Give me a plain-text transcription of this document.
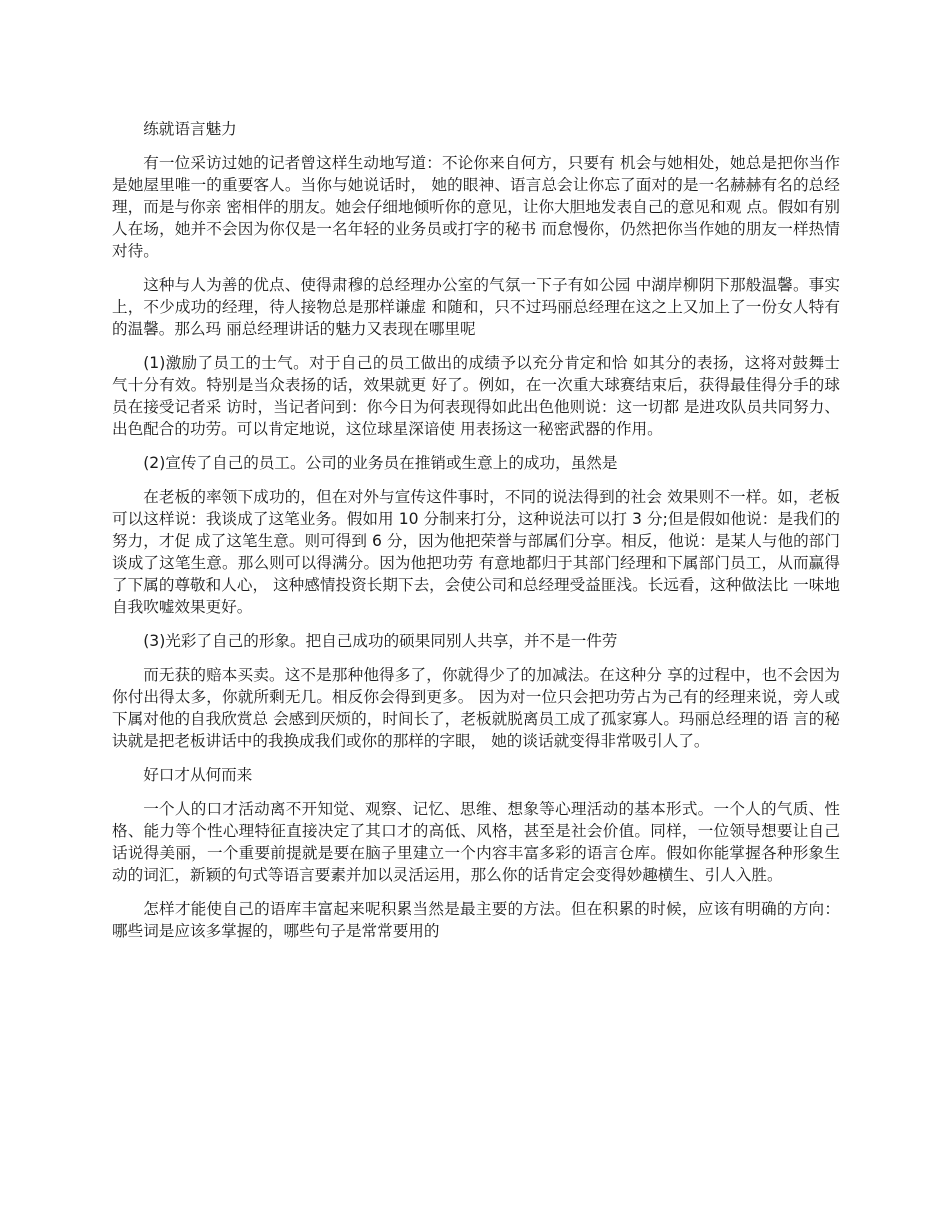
练就语言魅力

有一位采访过她的记者曾这样生动地写道：不论你来自何方，只要有 机会与她相处，她总是把你当作是她屋里唯一的重要客人。当你与她说话时， 她的眼神、语言总会让你忘了面对的是一名赫赫有名的总经理，而是与你亲 密相伴的朋友。她会仔细地倾听你的意见，让你大胆地发表自己的意见和观 点。假如有别人在场，她并不会因为你仅是一名年轻的业务员或打字的秘书 而怠慢你，仍然把你当作她的朋友一样热情对待。

这种与人为善的优点、使得肃穆的总经理办公室的气氛一下子有如公园 中湖岸柳阴下那般温馨。事实上，不少成功的经理，待人接物总是那样谦虚 和随和，只不过玛丽总经理在这之上又加上了一份女人特有的温馨。那么玛 丽总经理讲话的魅力又表现在哪里呢

(1)激励了员工的士气。对于自己的员工做出的成绩予以充分肯定和恰 如其分的表扬，这将对鼓舞士气十分有效。特别是当众表扬的话，效果就更 好了。例如，在一次重大球赛结束后，获得最佳得分手的球员在接受记者采 访时，当记者问到：你今日为何表现得如此出色他则说：这一切都 是进攻队员共同努力、出色配合的功劳。可以肯定地说，这位球星深谙使 用表扬这一秘密武器的作用。

(2)宣传了自己的员工。公司的业务员在推销或生意上的成功，虽然是

在老板的率领下成功的，但在对外与宣传这件事时，不同的说法得到的社会 效果则不一样。如，老板可以这样说：我谈成了这笔业务。假如用 10 分制来打分，这种说法可以打 3 分;但是假如他说：是我们的努力，才促 成了这笔生意。则可得到 6 分，因为他把荣誉与部属们分享。相反，他说：是某人与他的部门谈成了这笔生意。那么则可以得满分。因为他把功劳 有意地都归于其部门经理和下属部门员工，从而赢得了下属的尊敬和人心， 这种感情投资长期下去，会使公司和总经理受益匪浅。长远看，这种做法比 一味地自我吹嘘效果更好。

(3)光彩了自己的形象。把自己成功的硕果同别人共享，并不是一件劳

而无获的赔本买卖。这不是那种他得多了，你就得少了的加减法。在这种分 享的过程中，也不会因为你付出得太多，你就所剩无几。相反你会得到更多。 因为对一位只会把功劳占为己有的经理来说，旁人或下属对他的自我欣赏总 会感到厌烦的，时间长了，老板就脱离员工成了孤家寡人。玛丽总经理的语 言的秘诀就是把老板讲话中的我换成我们或你的那样的字眼， 她的谈话就变得非常吸引人了。

好口才从何而来

一个人的口才活动离不开知觉、观察、记忆、思维、想象等心理活动的基本形式。一个人的气质、性格、能力等个性心理特征直接决定了其口才的高低、风格，甚至是社会价值。同样，一位领导想要让自己话说得美丽，一个重要前提就是要在脑子里建立一个内容丰富多彩的语言仓库。假如你能掌握各种形象生动的词汇，新颖的句式等语言要素并加以灵活运用，那么你的话肯定会变得妙趣横生、引人入胜。

怎样才能使自己的语库丰富起来呢积累当然是最主要的方法。但在积累的时候，应该有明确的方向：哪些词是应该多掌握的，哪些句子是常常要用的
